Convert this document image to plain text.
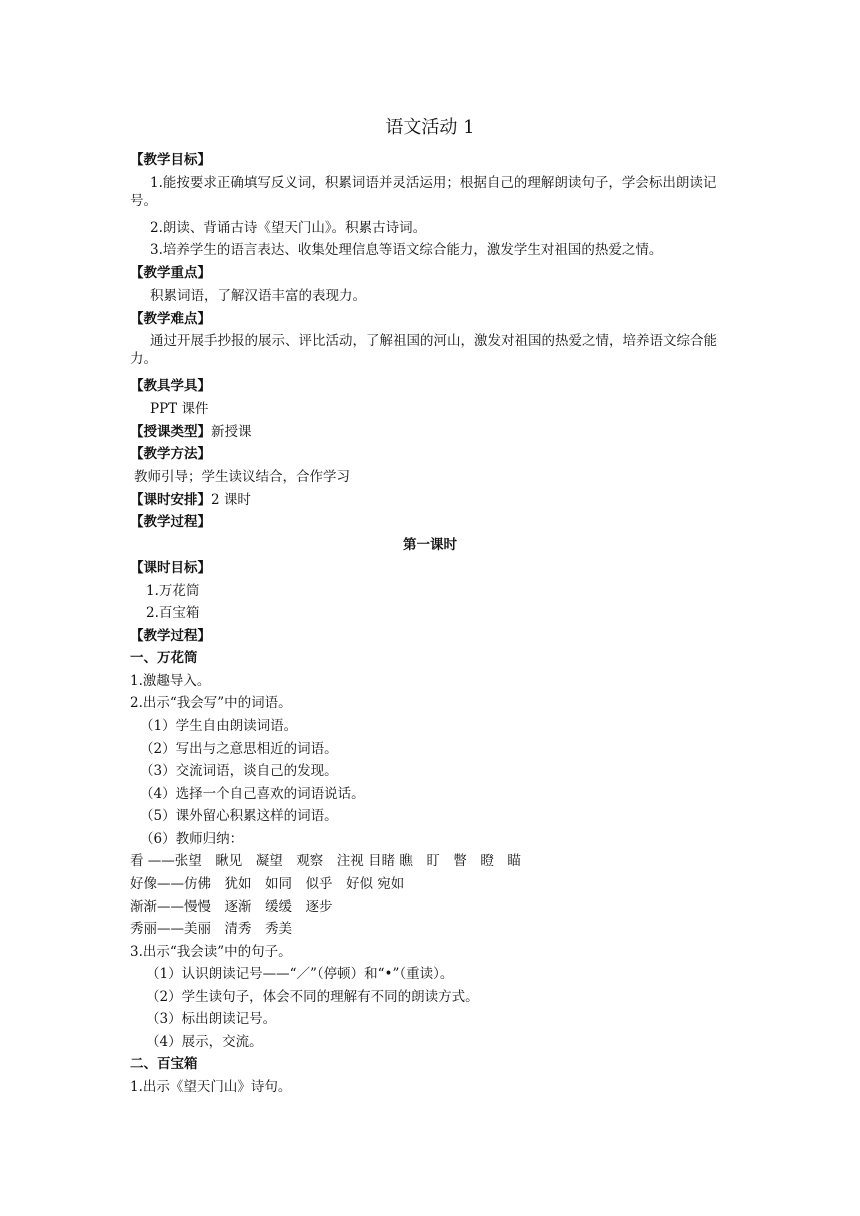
语文活动 1
【教学目标】
1.能按要求正确填写反义词，积累词语并灵活运用；根据自己的理解朗读句子，学会标出朗读记号。
2.朗读、背诵古诗《望天门山》。积累古诗词。
3.培养学生的语言表达、收集处理信息等语文综合能力，激发学生对祖国的热爱之情。
【教学重点】
积累词语，了解汉语丰富的表现力。
【教学难点】
通过开展手抄报的展示、评比活动，了解祖国的河山，激发对祖国的热爱之情，培养语文综合能力。
【教具学具】
PPT 课件
【授课类型】新授课
【教学方法】
教师引导；学生读议结合，合作学习
【课时安排】2 课时
【教学过程】
第一课时
【课时目标】
1.万花筒
2.百宝箱
【教学过程】
一、万花筒
1.激趣导入。
2.出示“我会写”中的词语。
（1）学生自由朗读词语。
（2）写出与之意思相近的词语。
（3）交流词语，谈自己的发现。
（4）选择一个自己喜欢的词语说话。
（5）课外留心积累这样的词语。
（6）教师归纳：
看 ——张望　瞅见　凝望　观察　注视 目睹 瞧　盯　瞥　瞪　瞄
好像——仿佛　犹如　如同　似乎　好似 宛如
渐渐——慢慢　逐渐　缓缓　逐步
秀丽——美丽　清秀　秀美
3.出示“我会读”中的句子。
（1）认识朗读记号——“／”（停顿）和“•”（重读）。
（2）学生读句子，体会不同的理解有不同的朗读方式。
（3）标出朗读记号。
（4）展示，交流。
二、百宝箱
1.出示《望天门山》诗句。
